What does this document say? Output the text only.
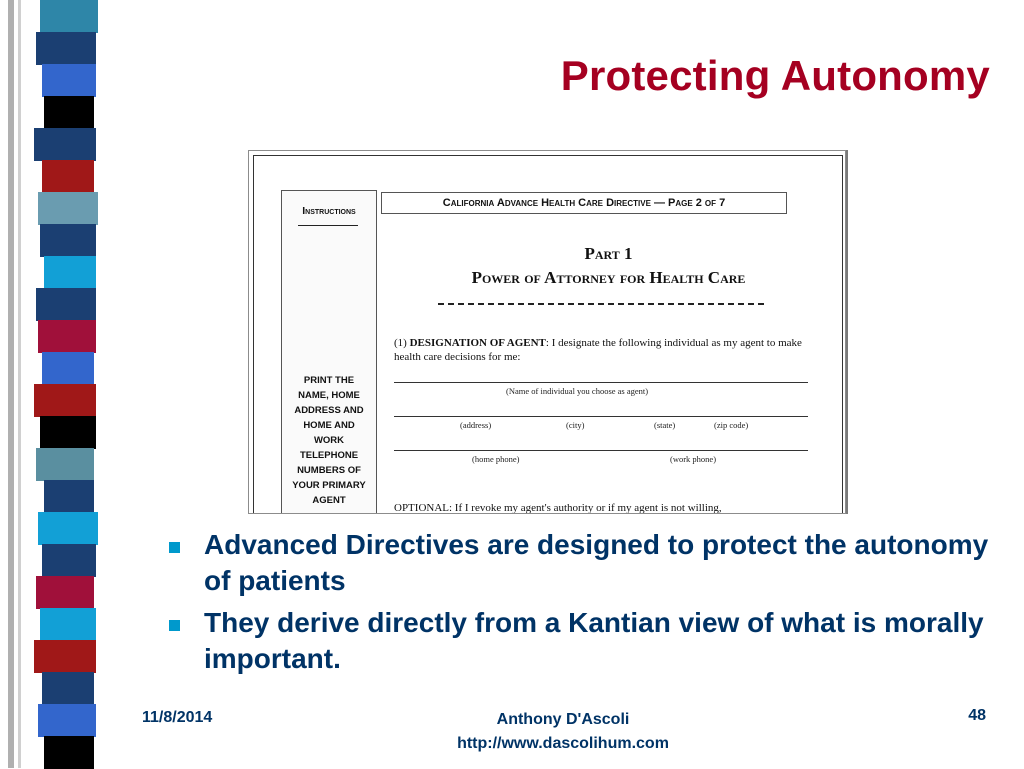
Protecting Autonomy
Instructions
PRINT THE
NAME, HOME
ADDRESS AND
HOME AND
WORK
TELEPHONE
NUMBERS OF
YOUR PRIMARY
AGENT
California Advance Health Care Directive — Page 2 of 7
Part 1
Power of Attorney for Health Care
(1) DESIGNATION OF AGENT: I designate the following individual as my agent to make health care decisions for me:
(Name of individual you choose as agent)
(address)	(city)	(state)	(zip code)
(home phone)	(work phone)
OPTIONAL: If I revoke my agent's authority or if my agent is not willing,
Advanced Directives are designed to protect the autonomy of patients
They derive directly from a Kantian view of what is morally important.
11/8/2014	Anthony D'Ascoli
http://www.dascolihum.com
48
